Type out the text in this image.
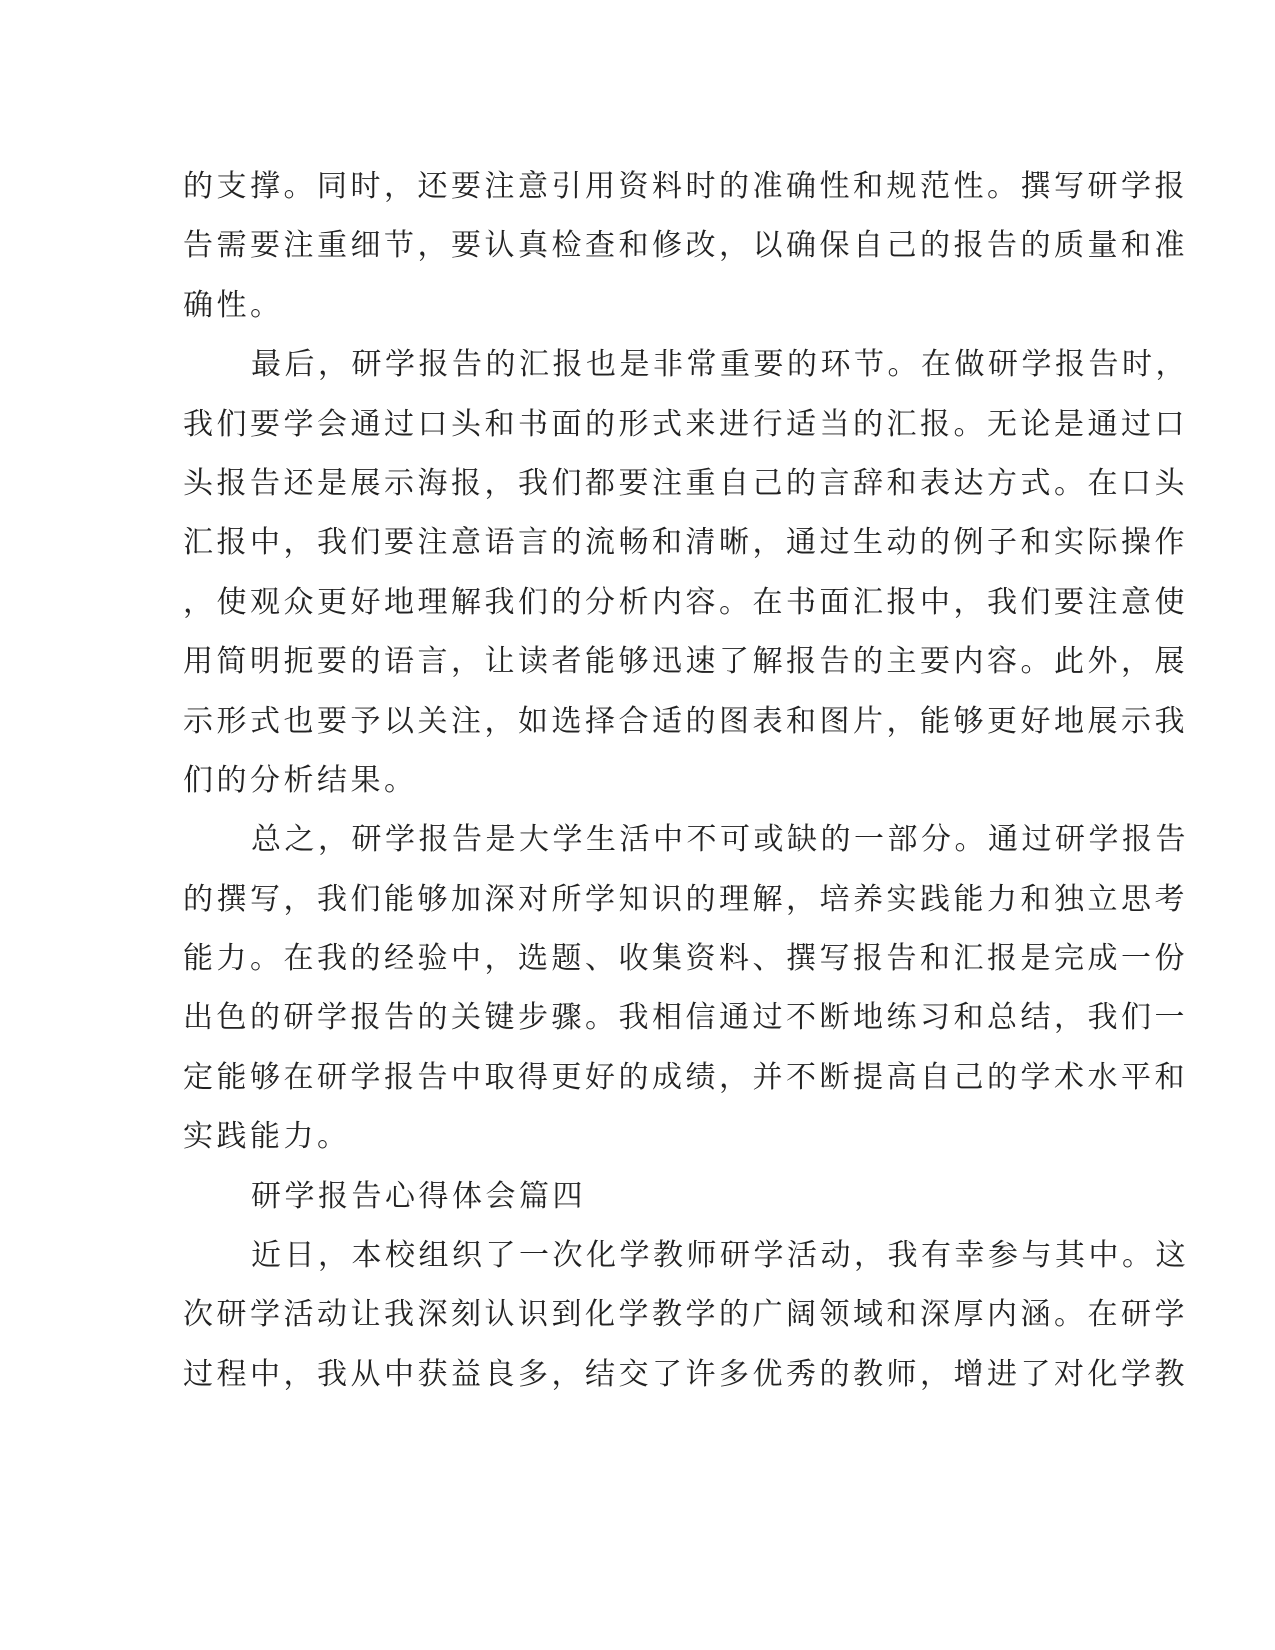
的支撑。同时，还要注意引用资料时的准确性和规范性。撰写研学报
告需要注重细节，要认真检查和修改，以确保自己的报告的质量和准
确性。
最后，研学报告的汇报也是非常重要的环节。在做研学报告时，
我们要学会通过口头和书面的形式来进行适当的汇报。无论是通过口
头报告还是展示海报，我们都要注重自己的言辞和表达方式。在口头
汇报中，我们要注意语言的流畅和清晰，通过生动的例子和实际操作
，使观众更好地理解我们的分析内容。在书面汇报中，我们要注意使
用简明扼要的语言，让读者能够迅速了解报告的主要内容。此外，展
示形式也要予以关注，如选择合适的图表和图片，能够更好地展示我
们的分析结果。
总之，研学报告是大学生活中不可或缺的一部分。通过研学报告
的撰写，我们能够加深对所学知识的理解，培养实践能力和独立思考
能力。在我的经验中，选题、收集资料、撰写报告和汇报是完成一份
出色的研学报告的关键步骤。我相信通过不断地练习和总结，我们一
定能够在研学报告中取得更好的成绩，并不断提高自己的学术水平和
实践能力。
研学报告心得体会篇四
近日，本校组织了一次化学教师研学活动，我有幸参与其中。这
次研学活动让我深刻认识到化学教学的广阔领域和深厚内涵。在研学
过程中，我从中获益良多，结交了许多优秀的教师，增进了对化学教
